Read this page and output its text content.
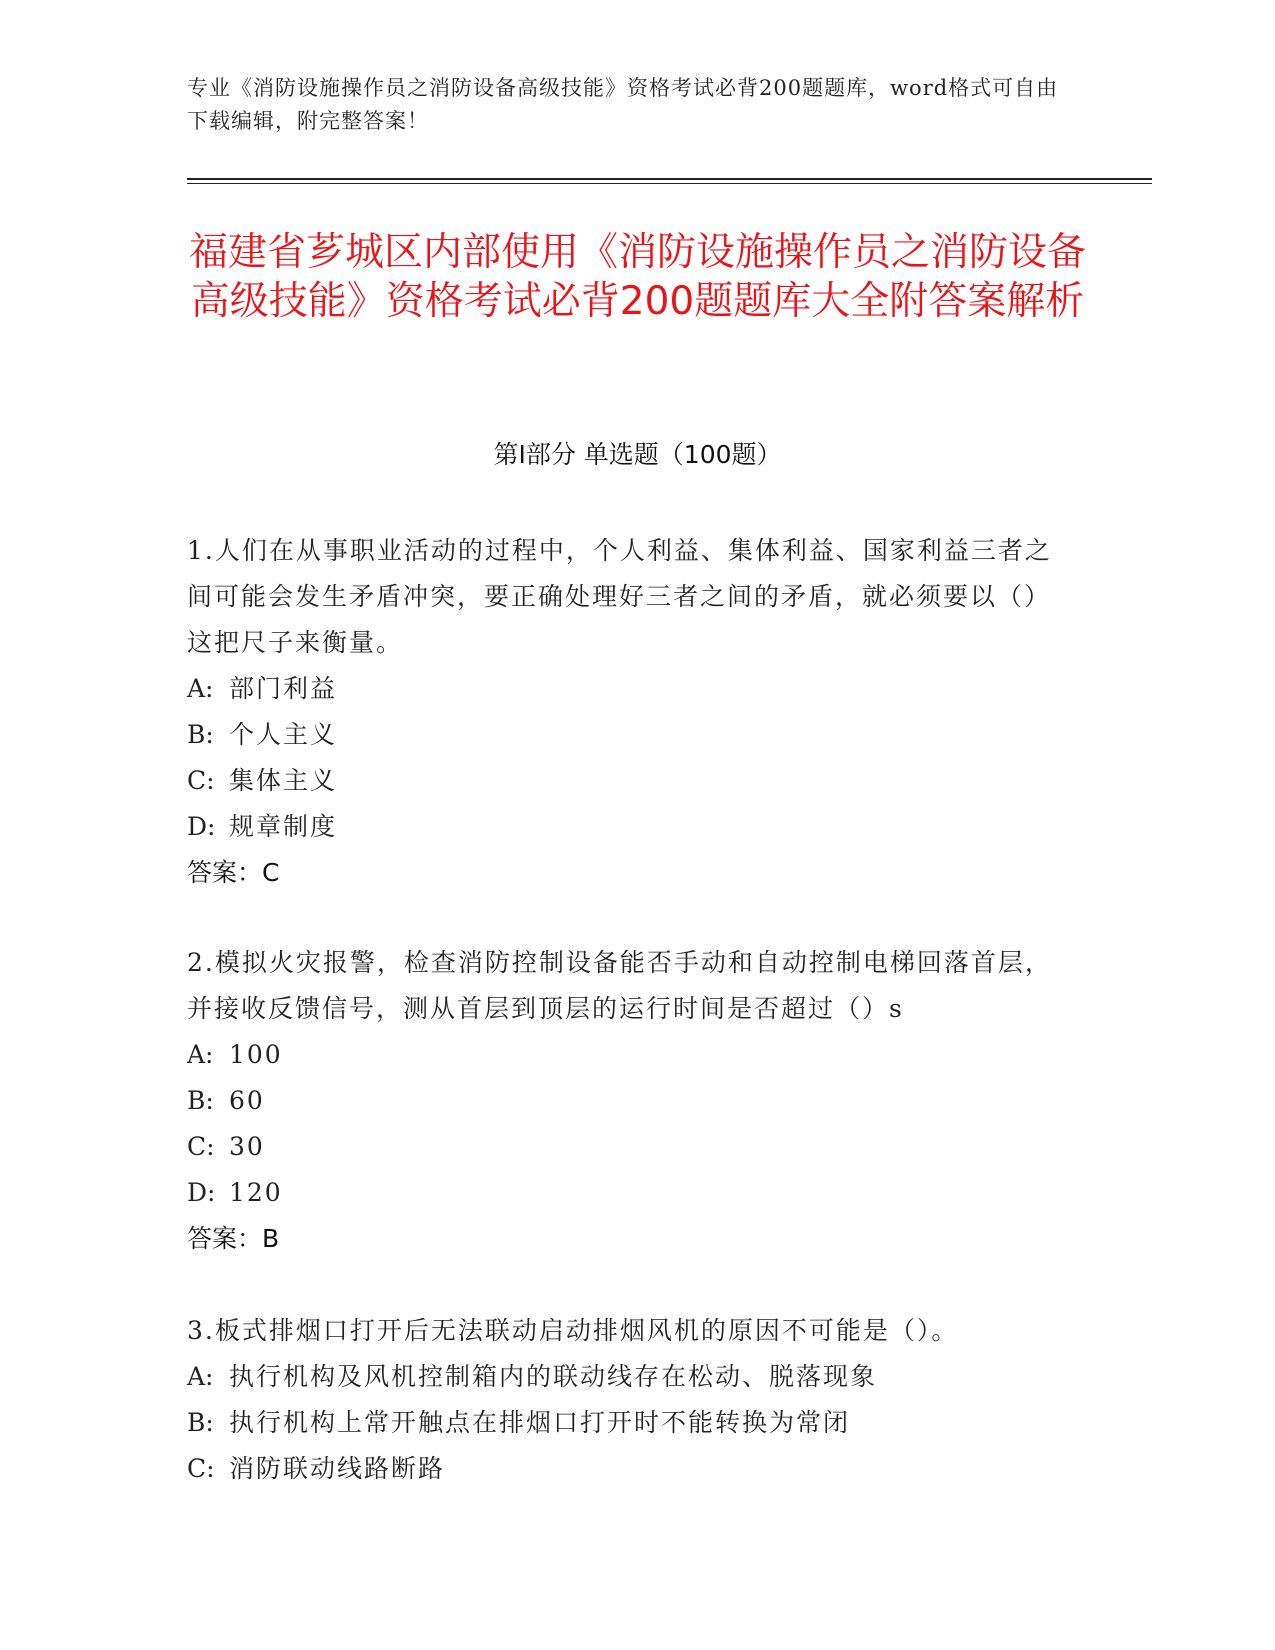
专业《消防设施操作员之消防设备高级技能》资格考试必背200题题库，word格式可自由下载编辑，附完整答案！
福建省芗城区内部使用《消防设施操作员之消防设备高级技能》资格考试必背200题题库大全附答案解析
第Ⅰ部分 单选题（100题）
1.人们在从事职业活动的过程中，个人利益、集体利益、国家利益三者之间可能会发生矛盾冲突，要正确处理好三者之间的矛盾，就必须要以（）这把尺子来衡量。
A: 部门利益
B: 个人主义
C: 集体主义
D: 规章制度
答案：C
2.模拟火灾报警，检查消防控制设备能否手动和自动控制电梯回落首层，并接收反馈信号，测从首层到顶层的运行时间是否超过（）s
A: 100
B: 60
C: 30
D: 120
答案：B
3.板式排烟口打开后无法联动启动排烟风机的原因不可能是（）。
A: 执行机构及风机控制箱内的联动线存在松动、脱落现象
B: 执行机构上常开触点在排烟口打开时不能转换为常闭
C: 消防联动线路断路
